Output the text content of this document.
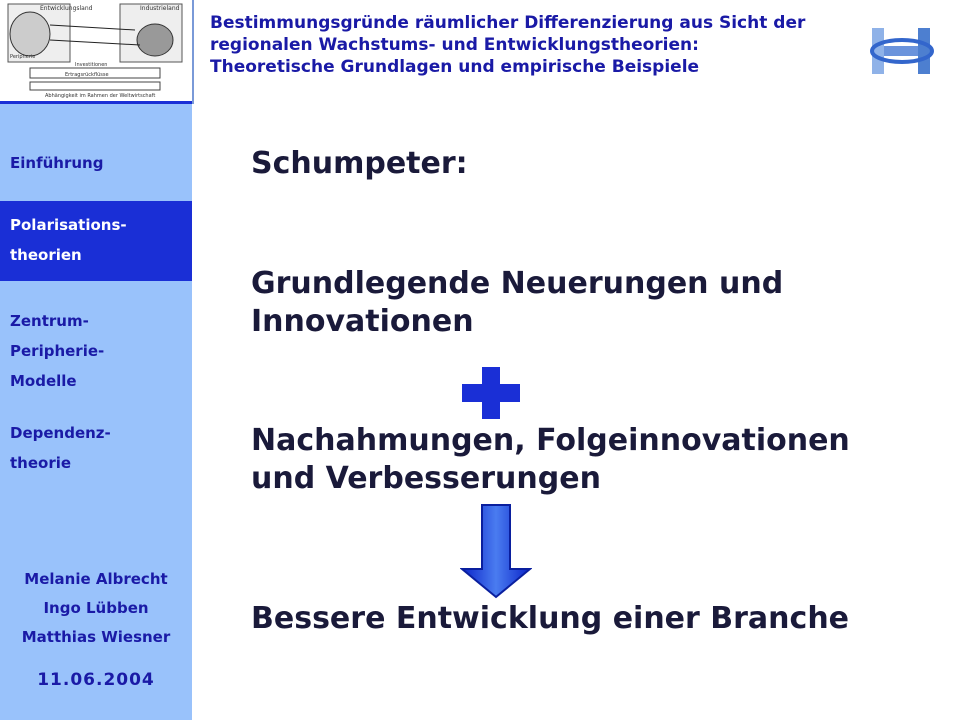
Entwicklungsland	Industrieland
Peripherie
Ertragsrückflüsse
Investitionen
Abhängigkeit im Rahmen der Weltwirtschaft
Bestimmungsgründe räumlicher Differenzierung aus Sicht der
regionalen Wachstums- und Entwicklungstheorien:
Theoretische Grundlagen und empirische Beispiele
Einführung
Polarisations-
theorien
Zentrum-
Peripherie-
Modelle
Dependenz-
theorie
Melanie Albrecht
Ingo Lübben
Matthias Wiesner
11.06.2004
Schumpeter:
Grundlegende Neuerungen und
Innovationen
Nachahmungen, Folgeinnovationen
und Verbesserungen
Bessere Entwicklung einer Branche
